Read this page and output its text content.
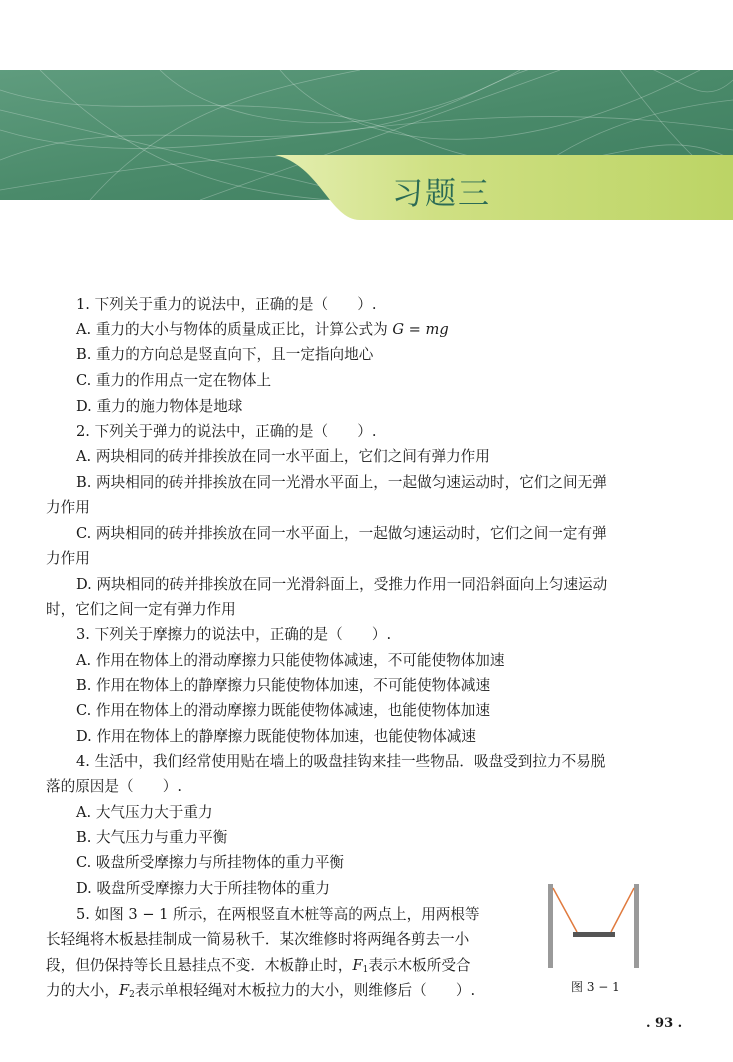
习题三
1. 下列关于重力的说法中，正确的是（　　）.
A. 重力的大小与物体的质量成正比，计算公式为 G = mg
B. 重力的方向总是竖直向下，且一定指向地心
C. 重力的作用点一定在物体上
D. 重力的施力物体是地球
2. 下列关于弹力的说法中，正确的是（　　）.
A. 两块相同的砖并排挨放在同一水平面上，它们之间有弹力作用
B. 两块相同的砖并排挨放在同一光滑水平面上，一起做匀速运动时，它们之间无弹
力作用
C. 两块相同的砖并排挨放在同一水平面上，一起做匀速运动时，它们之间一定有弹
力作用
D. 两块相同的砖并排挨放在同一光滑斜面上，受推力作用一同沿斜面向上匀速运动
时，它们之间一定有弹力作用
3. 下列关于摩擦力的说法中，正确的是（　　）.
A. 作用在物体上的滑动摩擦力只能使物体减速，不可能使物体加速
B. 作用在物体上的静摩擦力只能使物体加速，不可能使物体减速
C. 作用在物体上的滑动摩擦力既能使物体减速，也能使物体加速
D. 作用在物体上的静摩擦力既能使物体加速，也能使物体减速
4. 生活中，我们经常使用贴在墙上的吸盘挂钩来挂一些物品．吸盘受到拉力不易脱
落的原因是（　　）.
A. 大气压力大于重力
B. 大气压力与重力平衡
C. 吸盘所受摩擦力与所挂物体的重力平衡
D. 吸盘所受摩擦力大于所挂物体的重力
5. 如图 3 − 1 所示，在两根竖直木桩等高的两点上，用两根等
长轻绳将木板悬挂制成一简易秋千．某次维修时将两绳各剪去一小
段，但仍保持等长且悬挂点不变．木板静止时，$F_1$表示木板所受合
力的大小，$F_2$表示单根轻绳对木板拉力的大小，则维修后（　　）.	图 3 − 1
. 93 .
